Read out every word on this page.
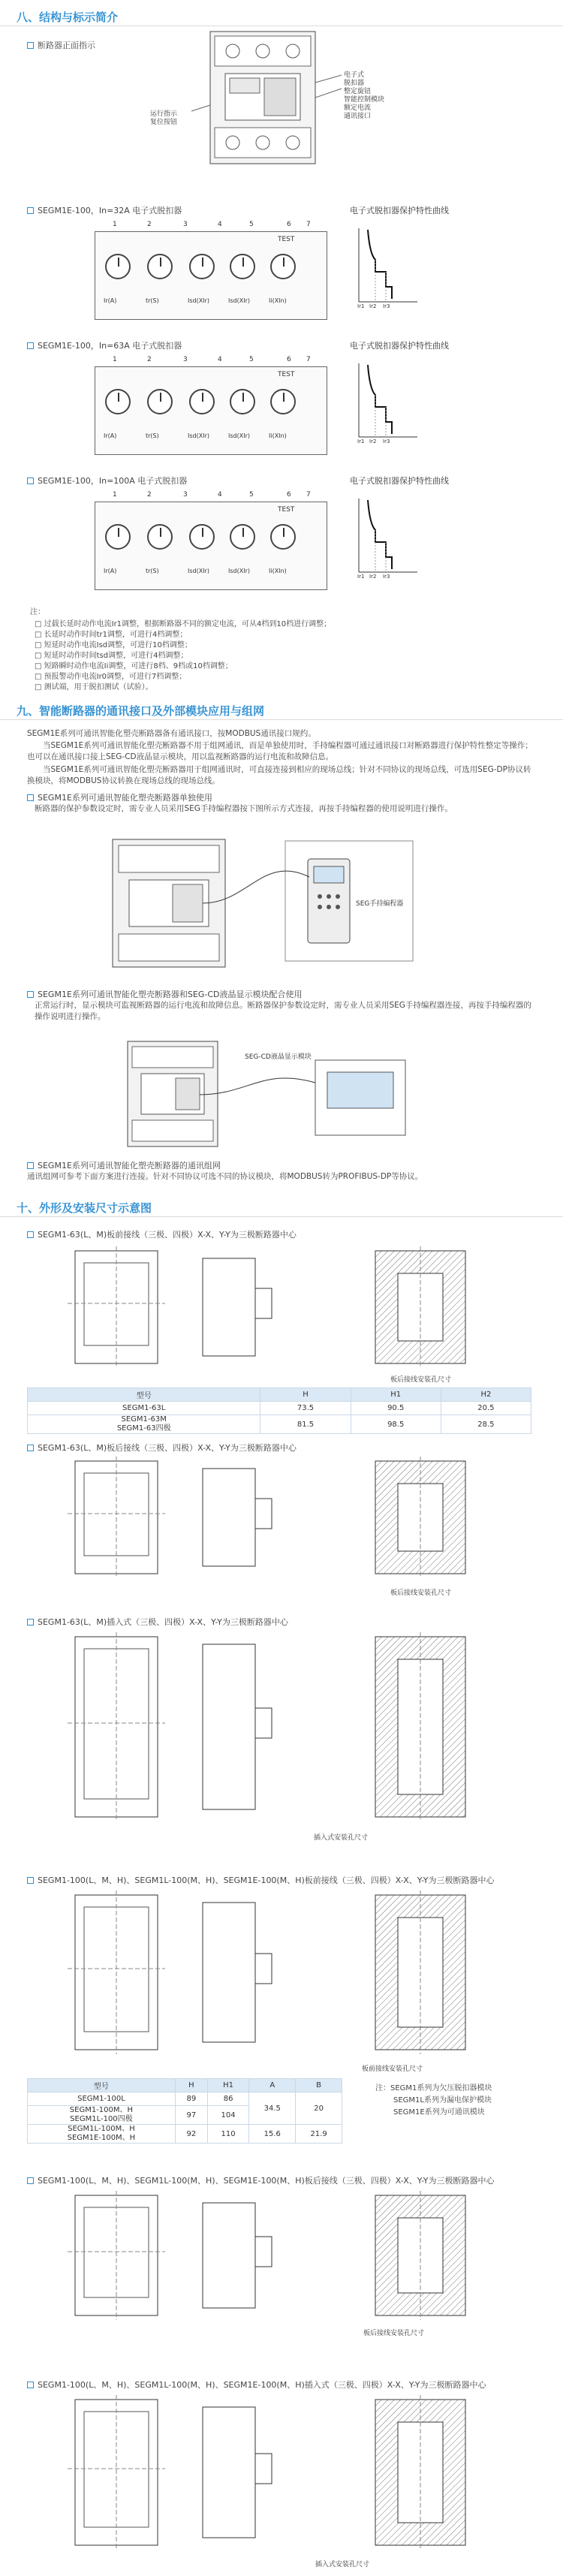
八、结构与标示简介
断路器正面指示
电子式
脱扣器
整定旋钮
智能控制模块
额定电流
通讯接口
运行指示
复位按钮
SEGM1E-100，In=32A 电子式脱扣器	电子式脱扣器保护特性曲线
SEGM1E-100，In=63A 电子式脱扣器	电子式脱扣器保护特性曲线
SEGM1E-100，In=100A 电子式脱扣器	电子式脱扣器保护特性曲线
1	2	3	4	5	6 7
TEST
Ir(A)	tr(S)	Isd(XIr)	Isd(XIr)	Ii(XIn)
Ir1 Ir2 Ir3
1	2	3	4	5	6 7
TEST
Ir(A)	tr(S)	Isd(XIr)	Isd(XIr)	Ii(XIn)
Ir1 Ir2 Ir3
1	2	3	4	5	6 7
TEST
Ir(A)	tr(S)	Isd(XIr)	Isd(XIr)	Ii(XIn)
Ir1 Ir2 Ir3
注：
□ 过载长延时动作电流Ir1调整，根据断路器不同的额定电流，可从4档到10档进行调整；
□ 长延时动作时间tr1调整，可进行4档调整；
□ 短延时动作电流Isd调整，可进行10档调整；
□ 短延时动作时间tsd调整，可进行4档调整；
□ 短路瞬时动作电流Ii调整，可进行8档、9档或10档调整；
□ 预报警动作电流Ir0调整，可进行7档调整；
□ 测试端，用于脱扣测试（试验）。
九、智能断路器的通讯接口及外部模块应用与组网
SEGM1E系列可通讯智能化塑壳断路器备有通讯接口，按MODBUS通讯接口规约。
当SEGM1E系列可通讯智能化塑壳断路器不用于组网通讯，而是单独使用时，手持编程器可通过通讯接口对断路器进行保护特性整定等操作；也可以在通讯接口接上SEG-CD液晶显示模块，用以监视断路器的运行电流和故障信息。
当SEGM1E系列可通讯智能化塑壳断路器用于组网通讯时，可直接连接到相应的现场总线；针对不同协议的现场总线，可选用SEG-DP协议转换模块，将MODBUS协议转换在现场总线的现场总线。
SEGM1E系列可通讯智能化塑壳断路器单独使用
断路器的保护参数设定时，需专业人员采用SEG手持编程器按下图所示方式连接，再按手持编程器的使用说明进行操作。
SEG手持编程器
SEGM1E系列可通讯智能化塑壳断路器和SEG-CD液晶显示模块配合使用
正常运行时，显示模块可监视断路器的运行电流和故障信息。断路器保护参数设定时，需专业人员采用SEG手持编程器连接，再按手持编程器的操作说明进行操作。
SEG-CD液晶显示模块
SEGM1E系列可通讯智能化塑壳断路器的通讯组网
通讯组网可参考下面方案进行连接。针对不同协议可选不同的协议模块，将MODBUS转为PROFIBUS-DP等协议。
十、外形及安装尺寸示意图
SEGM1-63(L、M)板前接线（三极、四极）X-X、Y-Y为三极断路器中心
板后接线安装孔尺寸
型号	H	H1	H2
SEGM1-63L	73.5	90.5	20.5
SEGM1-63M
SEGM1-63四极	81.5	98.5	28.5
SEGM1-63(L、M)板后接线（三极、四极）X-X、Y-Y为三极断路器中心
板后接线安装孔尺寸
SEGM1-63(L、M)插入式（三极、四极）X-X、Y-Y为三极断路器中心
插入式安装孔尺寸
SEGM1-100(L、M、H)、SEGM1L-100(M、H)、SEGM1E-100(M、H)板前接线（三极、四极）X-X、Y-Y为三极断路器中心
板前接线安装孔尺寸
型号	H	H1	A	B
SEGM1-100L	89	86	34.5	20
SEGM1-100M、H
SEGM1L-100四极	97	104		
SEGM1L-100M、H
SEGM1E-100M、H	92	110	15.6	21.9
注：SEGM1系列为欠压脱扣器模块
SEGM1L系列为漏电保护模块
SEGM1E系列为可通讯模块
SEGM1-100(L、M、H)、SEGM1L-100(M、H)、SEGM1E-100(M、H)板后接线（三极、四极）X-X、Y-Y为三极断路器中心
板后接线安装孔尺寸
SEGM1-100(L、M、H)、SEGM1L-100(M、H)、SEGM1E-100(M、H)插入式（三极、四极）X-X、Y-Y为三极断路器中心
插入式安装孔尺寸
